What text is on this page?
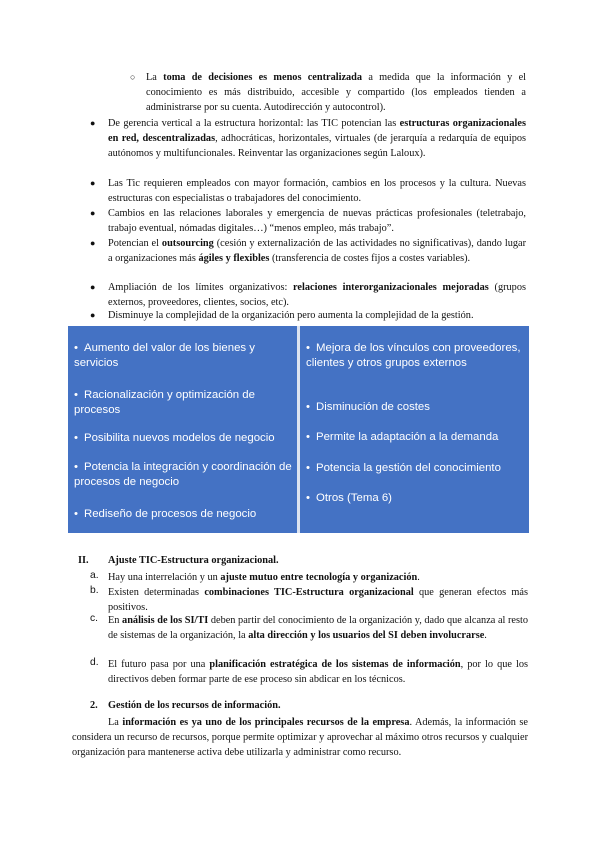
○ La toma de decisiones es menos centralizada a medida que la información y el conocimiento es más distribuido, accesible y compartido (los empleados tienden a administrarse por su cuenta. Autodirección y autocontrol).
● De gerencia vertical a la estructura horizontal: las TIC potencian las estructuras organizacionales en red, descentralizadas, adhocráticas, horizontales, virtuales (de jerarquía a redarquía de equipos autónomos y multifuncionales. Reinventar las organizaciones según Laloux).
● Las Tic requieren empleados con mayor formación, cambios en los procesos y la cultura. Nuevas estructuras con especialistas o trabajadores del conocimiento.
● Cambios en las relaciones laborales y emergencia de nuevas prácticas profesionales (teletrabajo, trabajo eventual, nómadas digitales…) “menos empleo, más trabajo”.
● Potencian el outsourcing (cesión y externalización de las actividades no significativas), dando lugar a organizaciones más ágiles y flexibles (transferencia de costes fijos a costes variables).
● Ampliación de los límites organizativos: relaciones interorganizacionales mejoradas (grupos externos, proveedores, clientes, socios, etc).
● Disminuye la complejidad de la organización pero aumenta la complejidad de la gestión.
• Aumento del valor de los bienes y servicios
• Racionalización y optimización de procesos
• Posibilita nuevos modelos de negocio
• Potencia la integración y coordinación de procesos de negocio
• Rediseño de procesos de negocio
• Mejora de los vínculos con proveedores, clientes y otros grupos externos
• Disminución de costes
• Permite la adaptación a la demanda
• Potencia la gestión del conocimiento
• Otros (Tema 6)
II. Ajuste TIC-Estructura organizacional.
a. Hay una interrelación y un ajuste mutuo entre tecnología y organización.
b. Existen determinadas combinaciones TIC-Estructura organizacional que generan efectos más positivos.
c. En análisis de los SI/TI deben partir del conocimiento de la organización y, dado que alcanza al resto de sistemas de la organización, la alta dirección y los usuarios del SI deben involucrarse.
d. El futuro pasa por una planificación estratégica de los sistemas de información, por lo que los directivos deben formar parte de ese proceso sin abdicar en los técnicos.
2. Gestión de los recursos de información.
La información es ya uno de los principales recursos de la empresa. Además, la información se considera un recurso de recursos, porque permite optimizar y aprovechar al máximo otros recursos y cualquier organización para mantenerse activa debe utilizarla y administrar como recurso.
